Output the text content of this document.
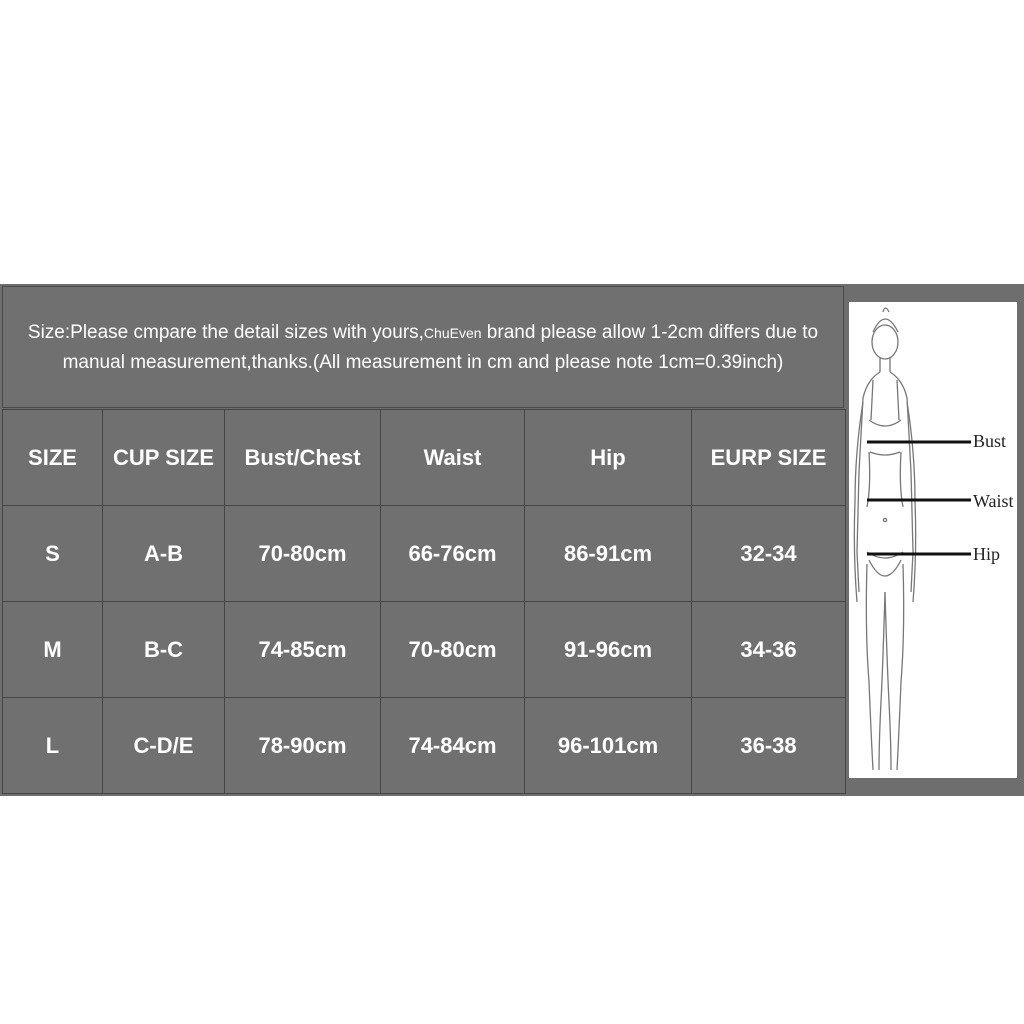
Size:Please cmpare the detail sizes with yours,ChuEven brand please allow 1-2cm differs due to manual measurement,thanks.(All measurement in cm and please note 1cm=0.39inch)
SIZE	CUP SIZE	Bust/Chest	Waist	Hip	EURP SIZE
S	A-B	70-80cm	66-76cm	86-91cm	32-34
M	B-C	74-85cm	70-80cm	91-96cm	34-36
L	C-D/E	78-90cm	74-84cm	96-101cm	36-38
Bust
Waist
Hip
